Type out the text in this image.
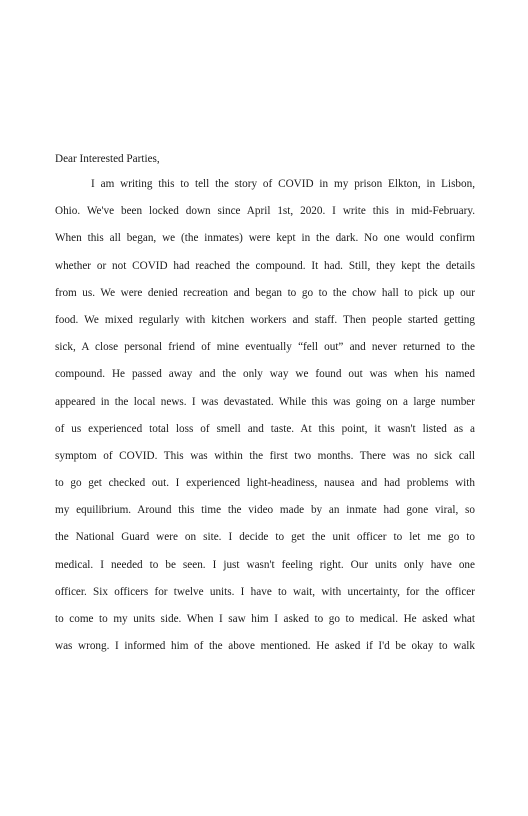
Dear Interested Parties,
I am writing this to tell the story of COVID in my prison Elkton, in Lisbon,
Ohio. We've been locked down since April 1st, 2020. I write this in mid-February.
When this all began, we (the inmates) were kept in the dark. No one would confirm
whether or not COVID had reached the compound. It had. Still, they kept the details
from us. We were denied recreation and began to go to the chow hall to pick up our
food. We mixed regularly with kitchen workers and staff. Then people started getting
sick, A close personal friend of mine eventually “fell out” and never returned to the
compound. He passed away and the only way we found out was when his named
appeared in the local news. I was devastated. While this was going on a large number
of us experienced total loss of smell and taste. At this point, it wasn't listed as a
symptom of COVID. This was within the first two months. There was no sick call
to go get checked out. I experienced light-headiness, nausea and had problems with
my equilibrium. Around this time the video made by an inmate had gone viral, so
the National Guard were on site. I decide to get the unit officer to let me go to
medical. I needed to be seen. I just wasn't feeling right. Our units only have one
officer. Six officers for twelve units. I have to wait, with uncertainty, for the officer
to come to my units side. When I saw him I asked to go to medical. He asked what
was wrong. I informed him of the above mentioned. He asked if I'd be okay to walk
